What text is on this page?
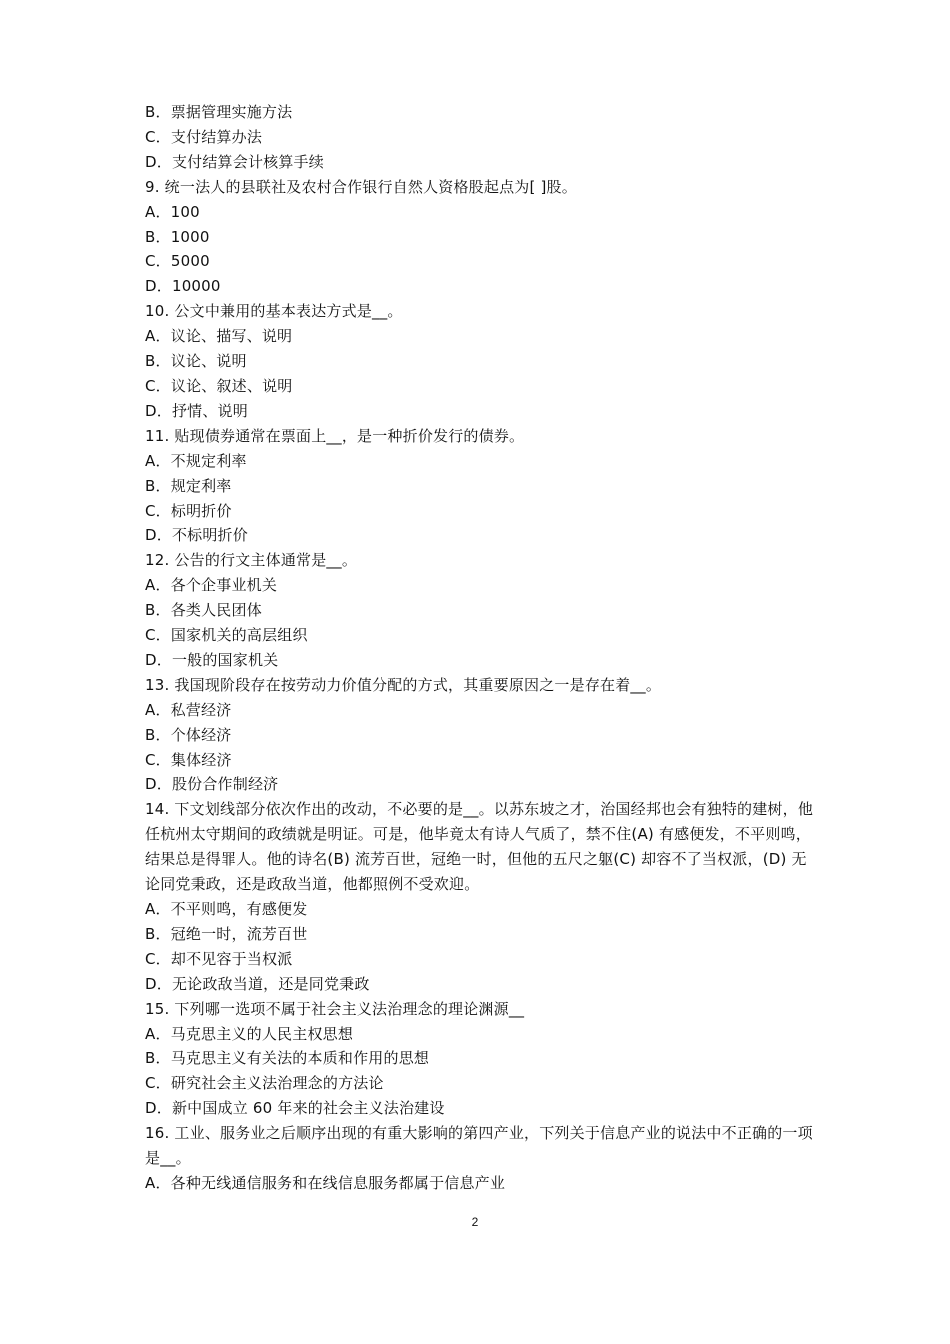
B．票据管理实施方法
C．支付结算办法
D．支付结算会计核算手续
9. 统一法人的县联社及农村合作银行自然人资格股起点为[ ]股。
A．100
B．1000
C．5000
D．10000
10. 公文中兼用的基本表达方式是__。
A．议论、描写、说明
B．议论、说明
C．议论、叙述、说明
D．抒情、说明
11. 贴现债券通常在票面上__，是一种折价发行的债券。
A．不规定利率
B．规定利率
C．标明折价
D．不标明折价
12. 公告的行文主体通常是__。
A．各个企事业机关
B．各类人民团体
C．国家机关的高层组织
D．一般的国家机关
13. 我国现阶段存在按劳动力价值分配的方式，其重要原因之一是存在着__。
A．私营经济
B．个体经济
C．集体经济
D．股份合作制经济
14. 下文划线部分依次作出的改动，不必要的是__。以苏东坡之才，治国经邦也会有独特的建树，他任杭州太守期间的政绩就是明证。可是，他毕竟太有诗人气质了，禁不住(A) 有感便发，不平则鸣，结果总是得罪人。他的诗名(B) 流芳百世，冠绝一时，但他的五尺之躯(C) 却容不了当权派，(D) 无论同党秉政，还是政敌当道，他都照例不受欢迎。
A．不平则鸣，有感便发
B．冠绝一时，流芳百世
C．却不见容于当权派
D．无论政敌当道，还是同党秉政
15. 下列哪一选项不属于社会主义法治理念的理论渊源__
A．马克思主义的人民主权思想
B．马克思主义有关法的本质和作用的思想
C．研究社会主义法治理念的方法论
D．新中国成立 60 年来的社会主义法治建设
16. 工业、服务业之后顺序出现的有重大影响的第四产业，下列关于信息产业的说法中不正确的一项是__。
A．各种无线通信服务和在线信息服务都属于信息产业
2
